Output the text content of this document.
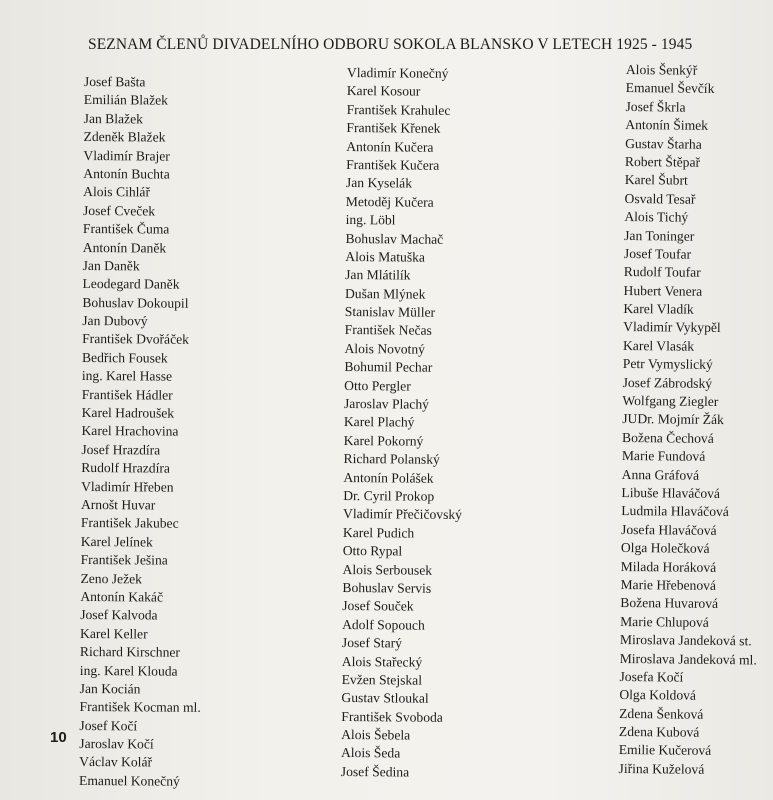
SEZNAM ČLENŮ DIVADELNÍHO ODBORU SOKOLA BLANSKO V LETECH 1925 - 1945
Josef Bašta
Emilián Blažek
Jan Blažek
Zdeněk Blažek
Vladimír Brajer
Antonín Buchta
Alois Cihlář
Josef Cveček
František Čuma
Antonín Daněk
Jan Daněk
Leodegard Daněk
Bohuslav Dokoupil
Jan Dubový
František Dvořáček
Bedřich Fousek
ing. Karel Hasse
František Hádler
Karel Hadroušek
Karel Hrachovina
Josef Hrazdíra
Rudolf Hrazdíra
Vladimír Hřeben
Arnošt Huvar
František Jakubec
Karel Jelínek
František Ješina
Zeno Ježek
Antonín Kakáč
Josef Kalvoda
Karel Keller
Richard Kirschner
ing. Karel Klouda
Jan Kocián
František Kocman ml.
Josef Kočí
Jaroslav Kočí
Václav Kolář
Emanuel Konečný
Vladimír Konečný
Karel Kosour
František Krahulec
František Křenek
Antonín Kučera
František Kučera
Jan Kyselák
Metoděj Kučera
ing. Löbl
Bohuslav Machač
Alois Matuška
Jan Mlátilík
Dušan Mlýnek
Stanislav Müller
František Nečas
Alois Novotný
Bohumil Pechar
Otto Pergler
Jaroslav Plachý
Karel Plachý
Karel Pokorný
Richard Polanský
Antonín Polášek
Dr. Cyril Prokop
Vladimír Přečičovský
Karel Pudich
Otto Rypal
Alois Serbousek
Bohuslav Servis
Josef Souček
Adolf Sopouch
Josef Starý
Alois Stařecký
Evžen Stejskal
Gustav Stloukal
František Svoboda
Alois Šebela
Alois Šeda
Josef Šedina
Alois Šenkýř
Emanuel Ševčík
Josef Škrla
Antonín Šimek
Gustav Štarha
Robert Štěpař
Karel Šubrt
Osvald Tesař
Alois Tichý
Jan Toninger
Josef Toufar
Rudolf Toufar
Hubert Venera
Karel Vladík
Vladimír Vykypěl
Karel Vlasák
Petr Vymyslický
Josef Zábrodský
Wolfgang Ziegler
JUDr. Mojmír Žák
Božena Čechová
Marie Fundová
Anna Gráfová
Libuše Hlaváčová
Ludmila Hlaváčová
Josefa Hlaváčová
Olga Holečková
Milada Horáková
Marie Hřebenová
Božena Huvarová
Marie Chlupová
Miroslava Jandeková st.
Miroslava Jandeková ml.
Josefa Kočí
Olga Koldová
Zdena Šenková
Zdena Kubová
Emilie Kučerová
Jiřina Kuželová
10
